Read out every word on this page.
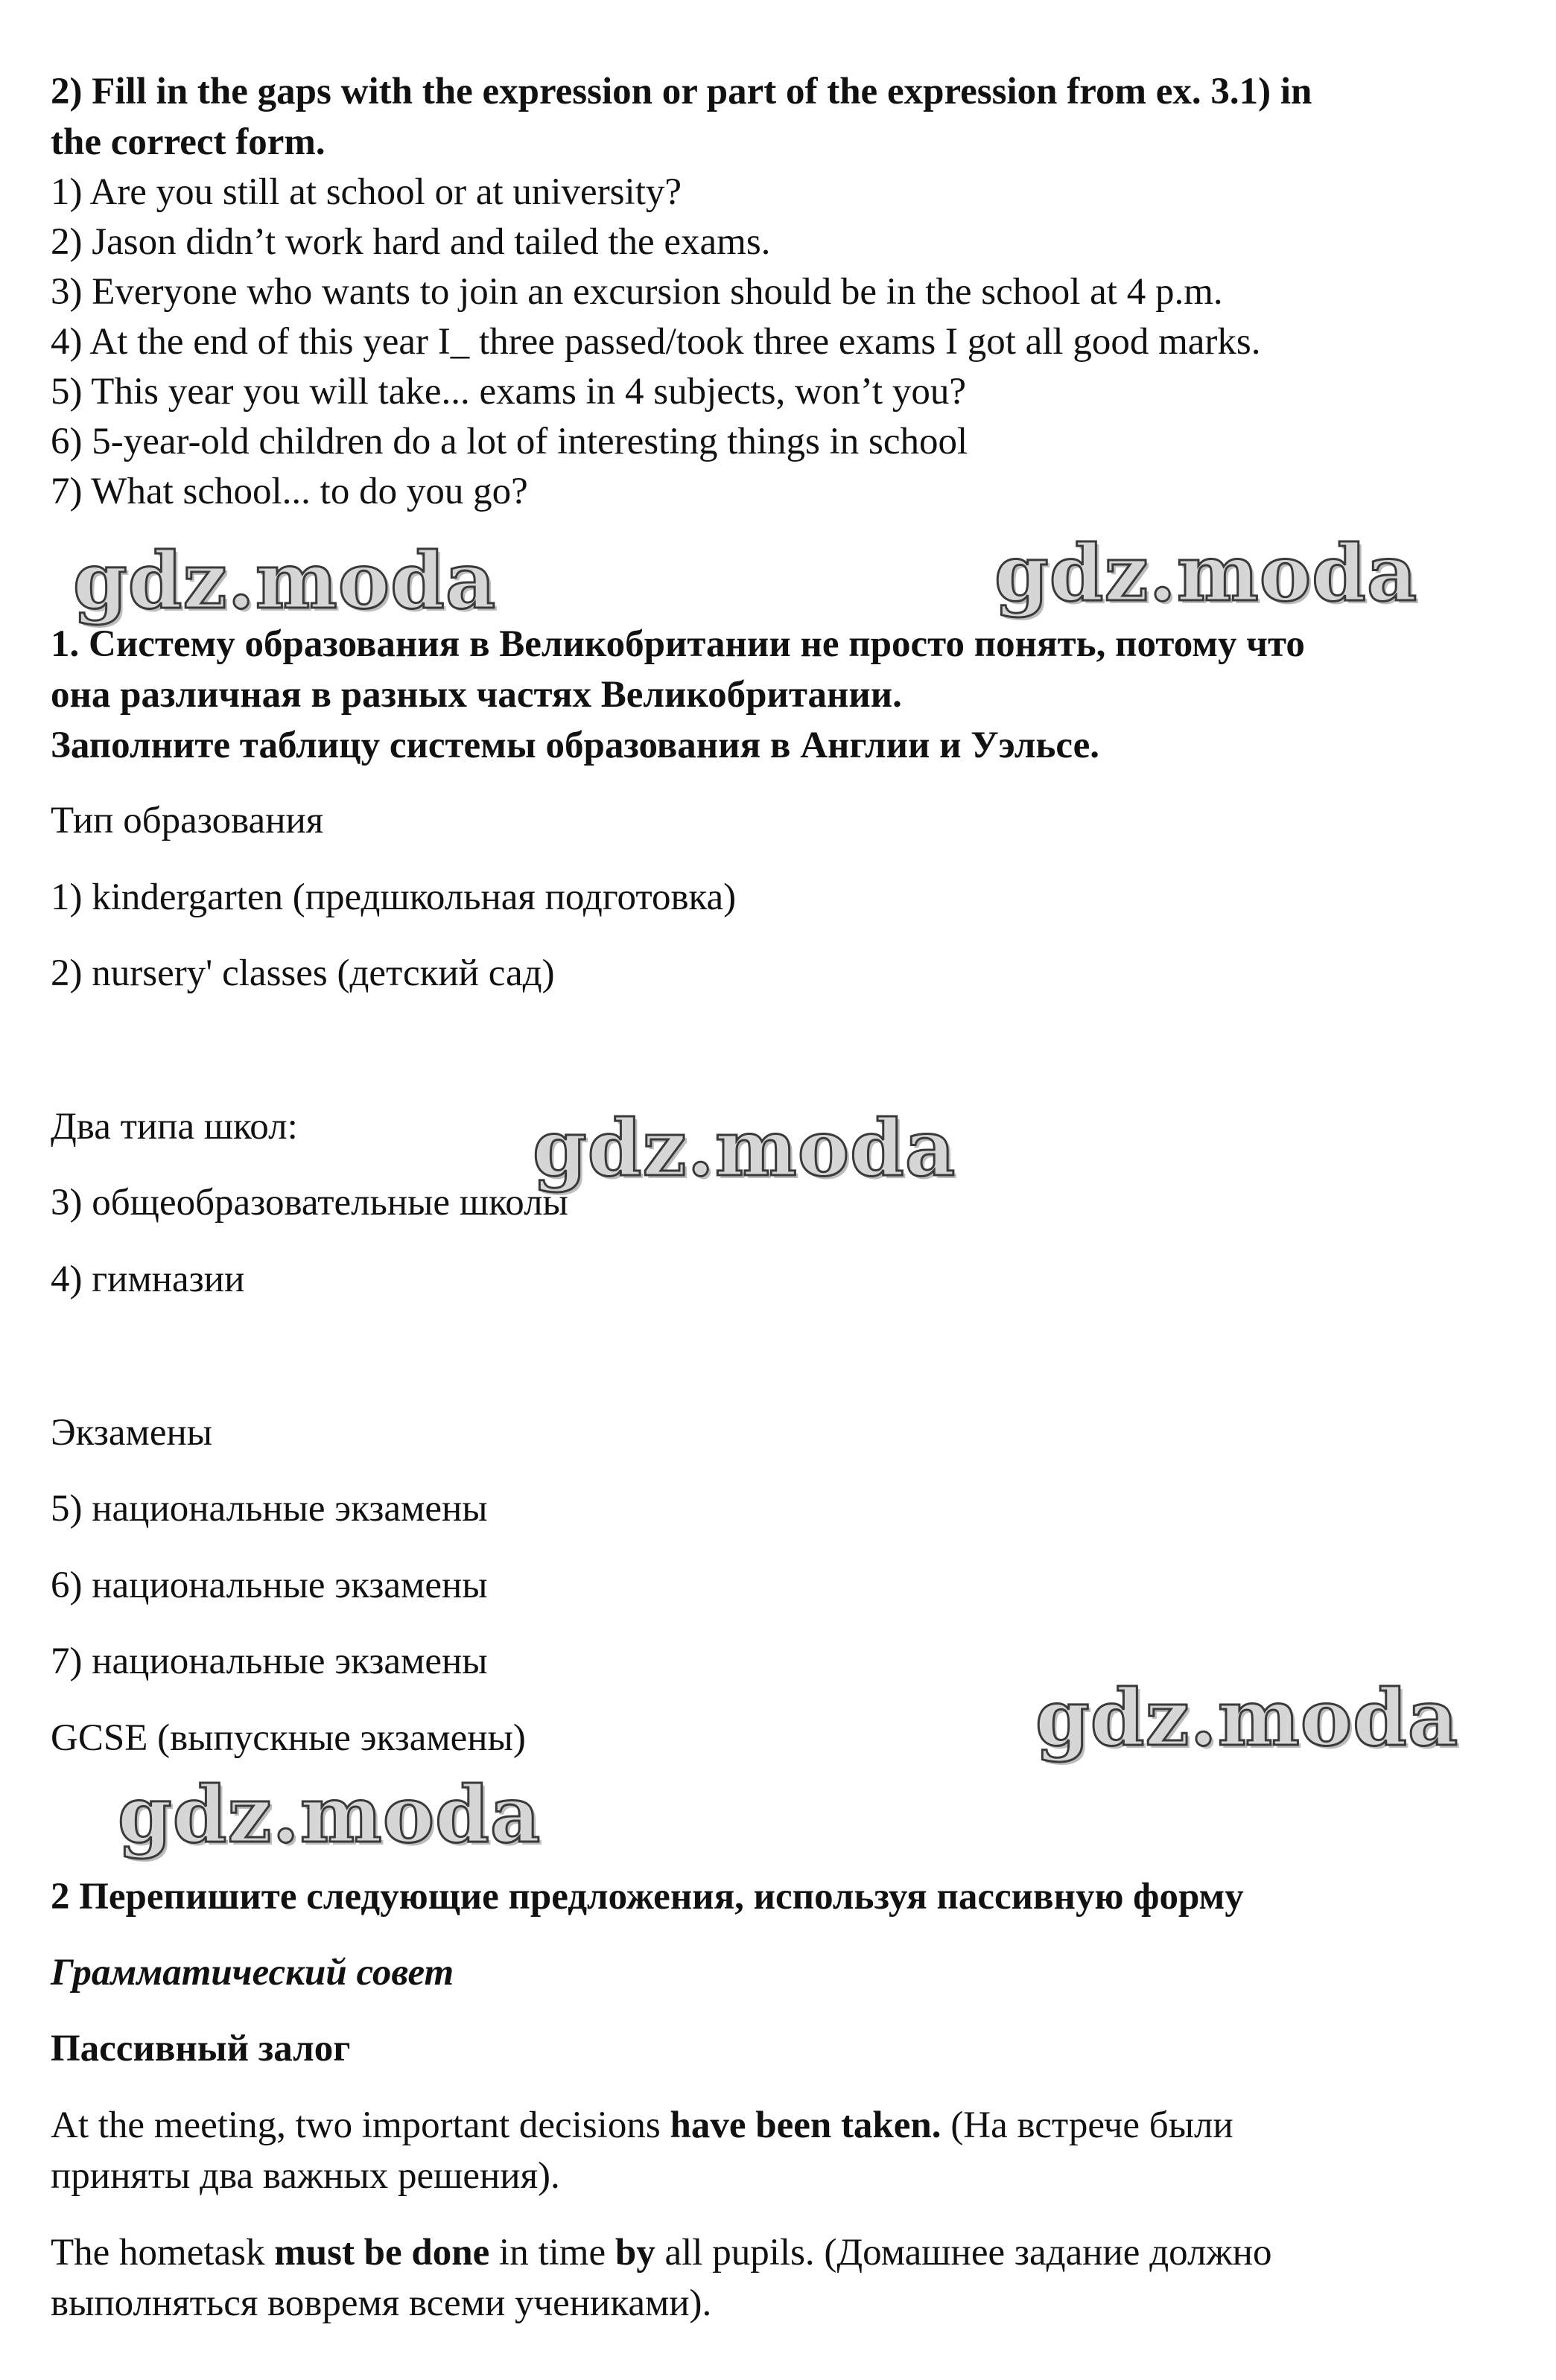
2) Fill in the gaps with the expression or part of the expression from ex. 3.1) in
the correct form.
1) Are you still at school or at university?
2) Jason didn’t work hard and tailed the exams.
3) Everyone who wants to join an excursion should be in the school at 4 p.m.
4) At the end of this year I_ three passed/took three exams I got all good marks.
5) This year you will take... exams in 4 subjects, won’t you?
6) 5-year-old children do a lot of interesting things in school
7) What school... to do you go?
gdz.moda	gdz.moda
1. Систему образования в Великобритании не просто понять, потому что
она различная в разных частях Великобритании.
Заполните таблицу системы образования в Англии и Уэльсе.
Тип образования
1) kindergarten (предшкольная подготовка)
2) nursery' classes (детский сад)
Два типа школ:	gdz.moda
3) общеобразовательные школы
4) гимназии
Экзамены
5) национальные экзамены
6) национальные экзамены
7) национальные экзамены
GCSE (выпускные экзамены)	gdz.moda
gdz.moda
2 Перепишите следующие предложения, используя пассивную форму
Грамматический совет
Пассивный залог
At the meeting, two important decisions have been taken. (На встрече были
приняты два важных решения).
The hometask must be done in time by all pupils. (Домашнее задание должно
выполняться вовремя всеми учениками).
